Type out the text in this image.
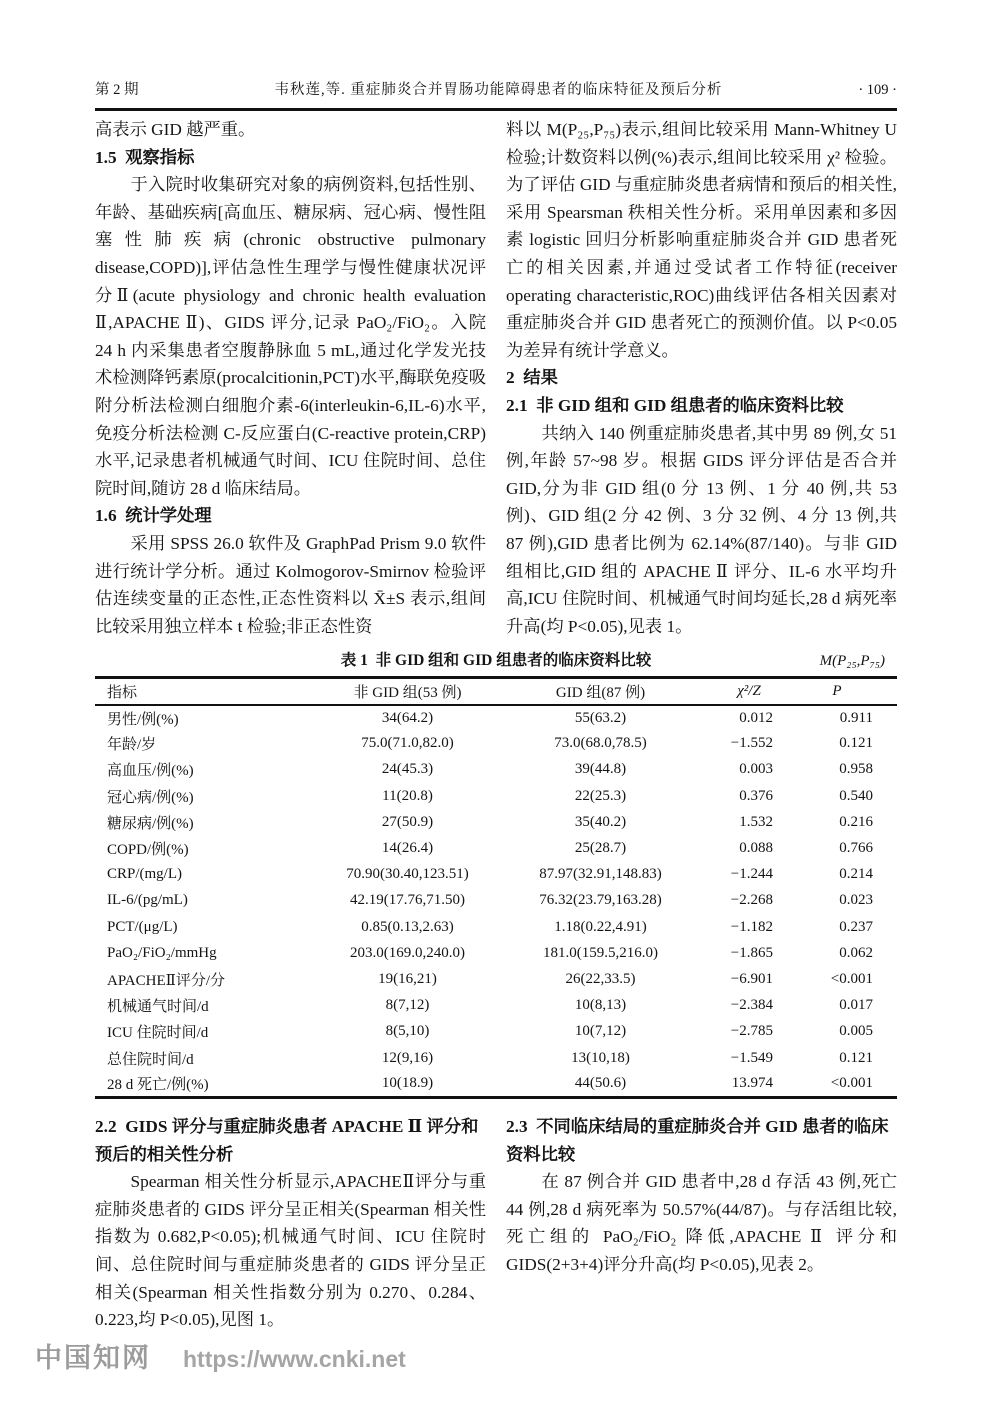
第 2 期	韦秋莲,等. 重症肺炎合并胃肠功能障碍患者的临床特征及预后分析	· 109 ·
高表示 GID 越严重。
1.5  观察指标
于入院时收集研究对象的病例资料,包括性别、年龄、基础疾病[高血压、糖尿病、冠心病、慢性阻塞性肺疾病(chronic obstructive pulmonary disease,COPD)],评估急性生理学与慢性健康状况评分Ⅱ(acute physiology and chronic health evaluation Ⅱ,APACHE Ⅱ)、GIDS 评分,记录 PaO₂/FiO₂。入院 24 h 内采集患者空腹静脉血 5 mL,通过化学发光技术检测降钙素原(procalcitionin,PCT)水平,酶联免疫吸附分析法检测白细胞介素-6(interleukin-6,IL-6)水平,免疫分析法检测 C-反应蛋白(C-reactive protein,CRP)水平,记录患者机械通气时间、ICU 住院时间、总住院时间,随访 28 d 临床结局。
1.6  统计学处理
采用 SPSS 26.0 软件及 GraphPad Prism 9.0 软件进行统计学分析。通过 Kolmogorov-Smirnov 检验评估连续变量的正态性,正态性资料以 X̄±S 表示,组间比较采用独立样本 t 检验;非正态性资
料以 M(P₂₅,P₇₅)表示,组间比较采用 Mann-Whitney U 检验;计数资料以例(%)表示,组间比较采用 χ² 检验。为了评估 GID 与重症肺炎患者病情和预后的相关性,采用 Spearsman 秩相关性分析。采用单因素和多因素 logistic 回归分析影响重症肺炎合并 GID 患者死亡的相关因素,并通过受试者工作特征(receiver operating characteristic,ROC)曲线评估各相关因素对重症肺炎合并 GID 患者死亡的预测价值。以 P<0.05 为差异有统计学意义。
2  结果
2.1  非 GID 组和 GID 组患者的临床资料比较
共纳入 140 例重症肺炎患者,其中男 89 例,女 51 例,年龄 57~98 岁。根据 GIDS 评分评估是否合并 GID,分为非 GID 组(0 分 13 例、1 分 40 例,共 53 例)、GID 组(2 分 42 例、3 分 32 例、4 分 13 例,共 87 例),GID 患者比例为 62.14%(87/140)。与非 GID 组相比,GID 组的 APACHE Ⅱ 评分、IL-6 水平均升高,ICU 住院时间、机械通气时间均延长,28 d 病死率升高(均 P<0.05),见表 1。
表 1  非 GID 组和 GID 组患者的临床资料比较	M(P₂₅,P₇₅)
指标	非 GID 组(53 例)	GID 组(87 例)	χ²/Z	P
男性/例(%)	34(64.2)	55(63.2)	0.012	0.911
年龄/岁	75.0(71.0,82.0)	73.0(68.0,78.5)	−1.552	0.121
高血压/例(%)	24(45.3)	39(44.8)	0.003	0.958
冠心病/例(%)	11(20.8)	22(25.3)	0.376	0.540
糖尿病/例(%)	27(50.9)	35(40.2)	1.532	0.216
COPD/例(%)	14(26.4)	25(28.7)	0.088	0.766
CRP/(mg/L)	70.90(30.40,123.51)	87.97(32.91,148.83)	−1.244	0.214
IL-6/(pg/mL)	42.19(17.76,71.50)	76.32(23.79,163.28)	−2.268	0.023
PCT/(μg/L)	0.85(0.13,2.63)	1.18(0.22,4.91)	−1.182	0.237
PaO₂/FiO₂/mmHg	203.0(169.0,240.0)	181.0(159.5,216.0)	−1.865	0.062
APACHEⅡ评分/分	19(16,21)	26(22,33.5)	−6.901	<0.001
机械通气时间/d	8(7,12)	10(8,13)	−2.384	0.017
ICU 住院时间/d	8(5,10)	10(7,12)	−2.785	0.005
总住院时间/d	12(9,16)	13(10,18)	−1.549	0.121
28 d 死亡/例(%)	10(18.9)	44(50.6)	13.974	<0.001
2.2  GIDS 评分与重症肺炎患者 APACHE Ⅱ 评分和预后的相关性分析
Spearman 相关性分析显示,APACHEⅡ评分与重症肺炎患者的 GIDS 评分呈正相关(Spearman 相关性指数为 0.682,P<0.05);机械通气时间、ICU 住院时间、总住院时间与重症肺炎患者的 GIDS 评分呈正相关(Spearman 相关性指数分别为 0.270、0.284、0.223,均 P<0.05),见图 1。
2.3  不同临床结局的重症肺炎合并 GID 患者的临床资料比较
在 87 例合并 GID 患者中,28 d 存活 43 例,死亡 44 例,28 d 病死率为 50.57%(44/87)。与存活组比较,死亡组的 PaO₂/FiO₂ 降低,APACHE Ⅱ 评分和 GIDS(2+3+4)评分升高(均 P<0.05),见表 2。
中国知网 https://www.cnki.net
